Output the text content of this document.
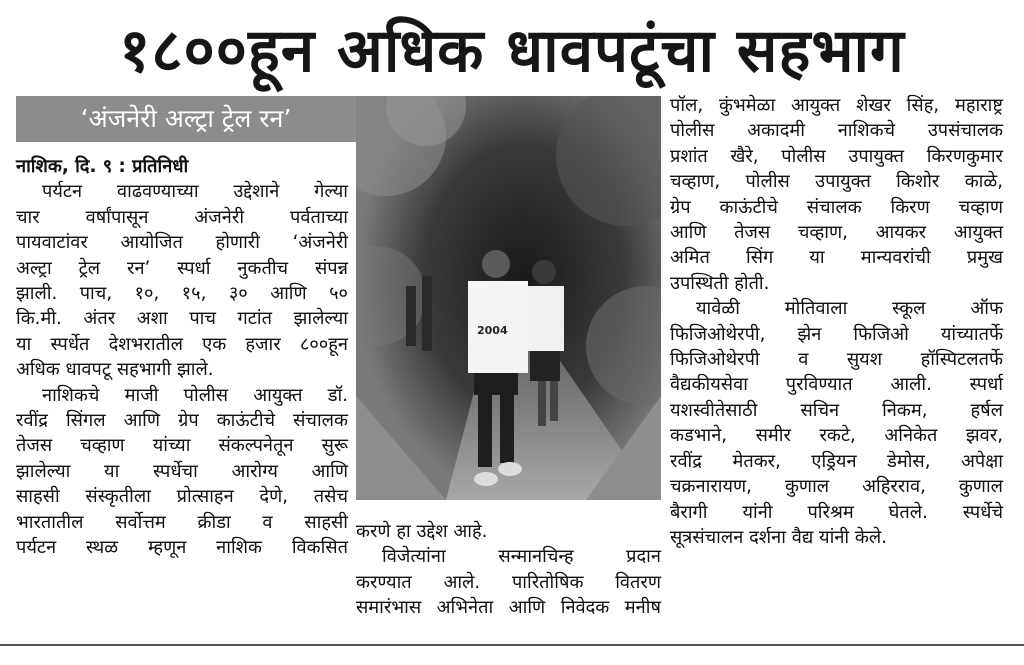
१८००हून अधिक धावपटूंचा सहभाग
‘अंजनेरी अल्ट्रा ट्रेल रन’
2004
नाशिक, दि. ९ : प्रतिनिधी
पर्यटन वाढवण्याच्या उद्देशाने गेल्या
चार वर्षांपासून अंजनेरी पर्वताच्या
पायवाटांवर आयोजित होणारी ‘अंजनेरी
अल्ट्रा ट्रेल रन’ स्पर्धा नुकतीच संपन्न
झाली. पाच, १०, १५, ३० आणि ५०
कि.मी. अंतर अशा पाच गटांत झालेल्या
या स्पर्धेत देशभरातील एक हजार ८००हून
अधिक धावपटू सहभागी झाले.
नाशिकचे माजी पोलीस आयुक्त डॉ.
रवींद्र सिंगल आणि ग्रेप काऊंटीचे संचालक
तेजस चव्हाण यांच्या संकल्पनेतून सुरू
झालेल्या या स्पर्धेचा आरोग्य आणि
साहसी संस्कृतीला प्रोत्साहन देणे, तसेच
भारतातील सर्वोत्तम क्रीडा व साहसी
पर्यटन स्थळ म्हणून नाशिक विकसित
करणे हा उद्देश आहे.
विजेत्यांना सन्मानचिन्ह प्रदान
करण्यात आले. पारितोषिक वितरण
समारंभास अभिनेता आणि निवेदक मनीष
पॉल, कुंभमेळा आयुक्त शेखर सिंह, महाराष्ट्र
पोलीस अकादमी नाशिकचे उपसंचालक
प्रशांत खैरे, पोलीस उपायुक्त किरणकुमार
चव्हाण, पोलीस उपायुक्त किशोर काळे,
ग्रेप काऊंटीचे संचालक किरण चव्हाण
आणि तेजस चव्हाण, आयकर आयुक्त
अमित सिंग या मान्यवरांची प्रमुख
उपस्थिती होती.
यावेळी मोतिवाला स्कूल ऑफ
फिजिओथेरपी, झेन फिजिओ यांच्यातर्फे
फिजिओथेरपी व सुयश हॉस्पिटलतर्फे
वैद्यकीयसेवा पुरविण्यात आली. स्पर्धा
यशस्वीतेसाठी सचिन निकम, हर्षल
कडभाने, समीर रकटे, अनिकेत झवर,
रवींद्र मेतकर, एड्रियन डेमोस, अपेक्षा
चक्रनारायण, कुणाल अहिरराव, कुणाल
बैरागी यांनी परिश्रम घेतले. स्पर्धेचे
सूत्रसंचालन दर्शना वैद्य यांनी केले.
